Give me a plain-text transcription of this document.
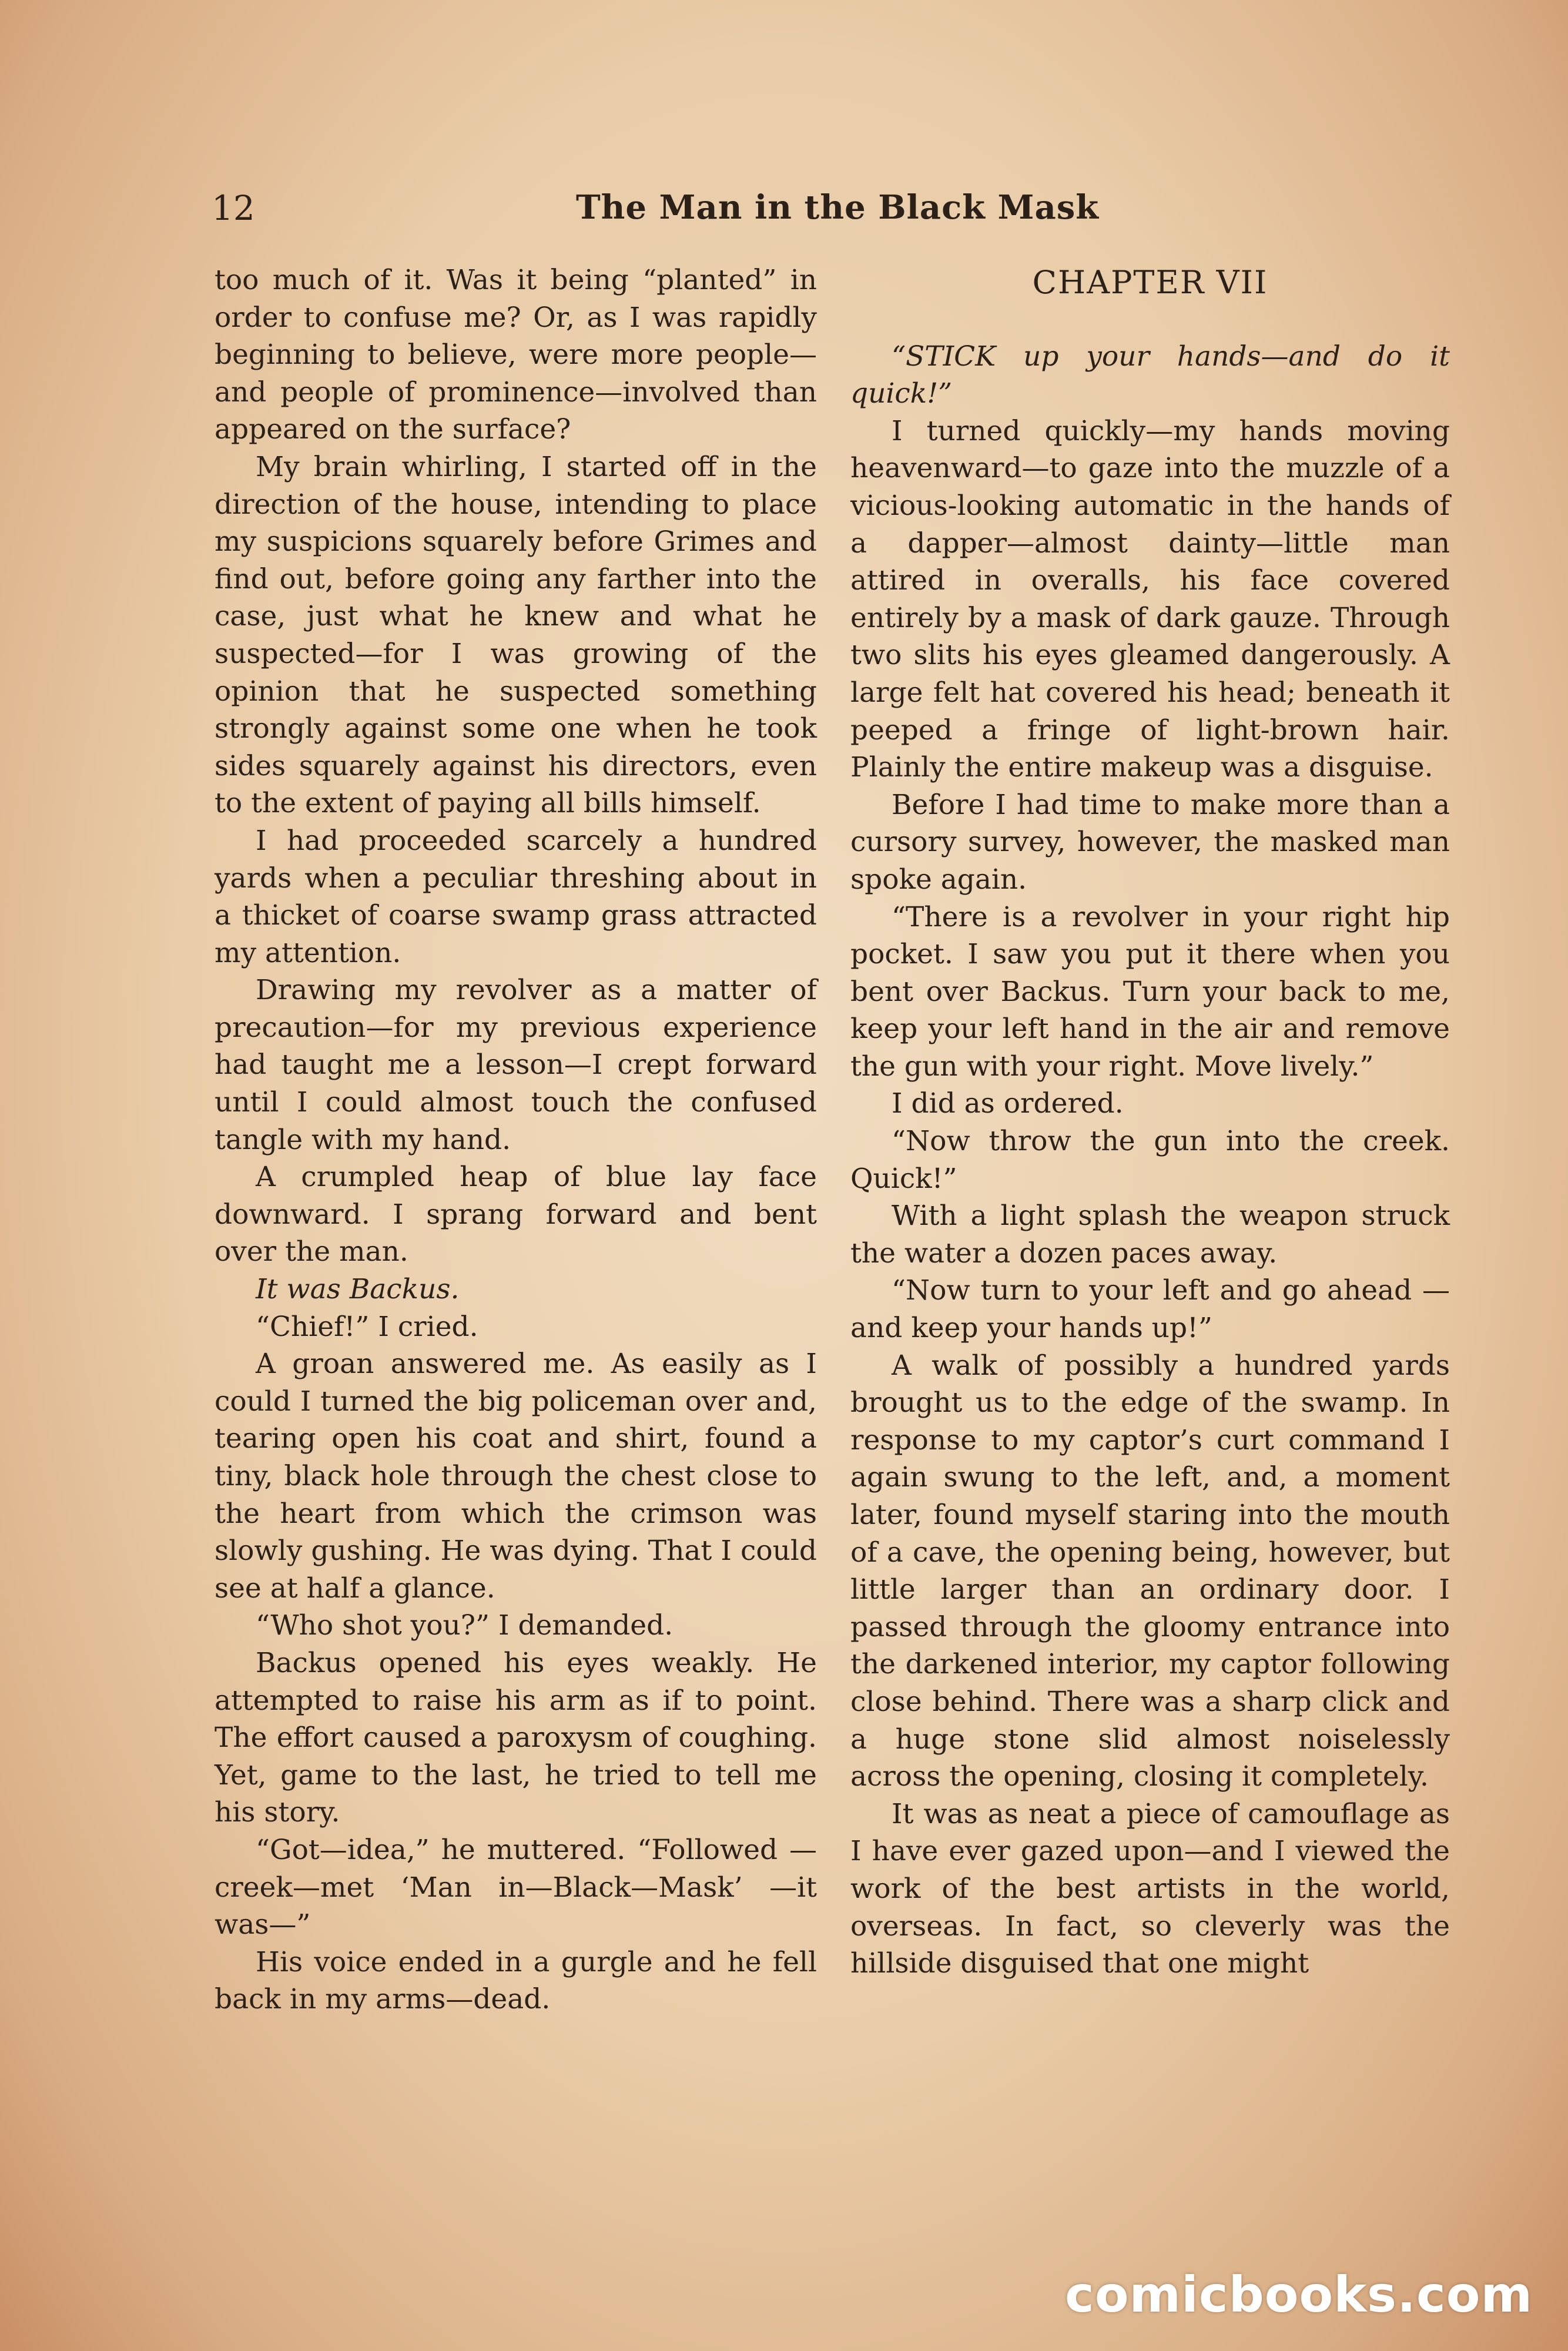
12	The Man in the Black Mask

too much of it. Was it being “planted” in order to confuse me? Or, as I was rapidly beginning to believe, were more people—and people of prominence—involved than appeared on the surface?

My brain whirling, I started off in the direction of the house, intending to place my suspicions squarely before Grimes and find out, before going any farther into the case, just what he knew and what he suspected—for I was growing of the opinion that he suspected something strongly against some one when he took sides squarely against his directors, even to the extent of paying all bills himself.

I had proceeded scarcely a hundred yards when a peculiar threshing about in a thicket of coarse swamp grass attracted my attention.

Drawing my revolver as a matter of precaution—for my previous experience had taught me a lesson—I crept forward until I could almost touch the confused tangle with my hand.

A crumpled heap of blue lay face downward. I sprang forward and bent over the man.

It was Backus.

“Chief!” I cried.

A groan answered me. As easily as I could I turned the big policeman over and, tearing open his coat and shirt, found a tiny, black hole through the chest close to the heart from which the crimson was slowly gushing. He was dying. That I could see at half a glance.

“Who shot you?” I demanded.

Backus opened his eyes weakly. He attempted to raise his arm as if to point. The effort caused a paroxysm of coughing. Yet, game to the last, he tried to tell me his story.

“Got—idea,” he muttered. “Followed —creek—met ‘Man in—Black—Mask’ —it was—”

His voice ended in a gurgle and he fell back in my arms—dead.

CHAPTER VII

“STICK up your hands—and do it quick!”

I turned quickly—my hands moving heavenward—to gaze into the muzzle of a vicious-looking automatic in the hands of a dapper—almost dainty—little man attired in overalls, his face covered entirely by a mask of dark gauze. Through two slits his eyes gleamed dangerously. A large felt hat covered his head; beneath it peeped a fringe of light-brown hair. Plainly the entire makeup was a disguise.

Before I had time to make more than a cursory survey, however, the masked man spoke again.

“There is a revolver in your right hip pocket. I saw you put it there when you bent over Backus. Turn your back to me, keep your left hand in the air and remove the gun with your right. Move lively.”

I did as ordered.

“Now throw the gun into the creek. Quick!”

With a light splash the weapon struck the water a dozen paces away.

“Now turn to your left and go ahead —and keep your hands up!”

A walk of possibly a hundred yards brought us to the edge of the swamp. In response to my captor’s curt command I again swung to the left, and, a moment later, found myself staring into the mouth of a cave, the opening being, however, but little larger than an ordinary door. I passed through the gloomy entrance into the darkened interior, my captor following close behind. There was a sharp click and a huge stone slid almost noiselessly across the opening, closing it completely.

It was as neat a piece of camouflage as I have ever gazed upon—and I viewed the work of the best artists in the world, overseas. In fact, so cleverly was the hillside disguised that one might

comicbooks.com
